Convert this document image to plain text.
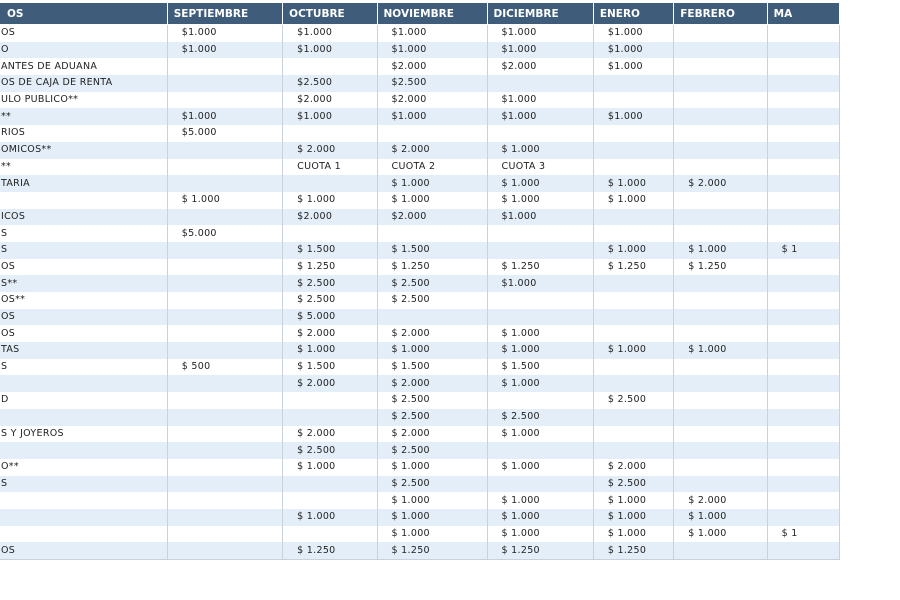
OS	SEPTIEMBRE	OCTUBRE	NOVIEMBRE	DICIEMBRE	ENERO	FEBRERO	MA
OS	$1.000	$1.000	$1.000	$1.000	$1.000		
O	$1.000	$1.000	$1.000	$1.000	$1.000		
ANTES DE ADUANA			$2.000	$2.000	$1.000		
OS DE CAJA DE RENTA		$2.500	$2.500				
ULO PUBLICO**		$2.000	$2.000	$1.000			
**	$1.000	$1.000	$1.000	$1.000	$1.000		
RIOS	$5.000						
OMICOS**		$ 2.000	$ 2.000	$ 1.000			
**		CUOTA 1	CUOTA 2	CUOTA 3			
TARIA			$ 1.000	$ 1.000	$ 1.000	$ 2.000	
	$ 1.000	$ 1.000	$ 1.000	$ 1.000	$ 1.000		
ICOS		$2.000	$2.000	$1.000			
S	$5.000						
S		$ 1.500	$ 1.500		$ 1.000	$ 1.000	$ 1
OS		$ 1.250	$ 1.250	$ 1.250	$ 1.250	$ 1.250	
S**		$ 2.500	$ 2.500	$1.000			
OS**		$ 2.500	$ 2.500				
OS		$ 5.000					
OS		$ 2.000	$ 2.000	$ 1.000			
TAS		$ 1.000	$ 1.000	$ 1.000	$ 1.000	$ 1.000	
S	$ 500	$ 1.500	$ 1.500	$ 1.500			
		$ 2.000	$ 2.000	$ 1.000			
D			$ 2.500		$ 2.500		
			$ 2.500	$ 2.500			
S Y JOYEROS		$ 2.000	$ 2.000	$ 1.000			
		$ 2.500	$ 2.500				
O**		$ 1.000	$ 1.000	$ 1.000	$ 2.000		
S			$ 2.500		$ 2.500		
			$ 1.000	$ 1.000	$ 1.000	$ 2.000	
		$ 1.000	$ 1.000	$ 1.000	$ 1.000	$ 1.000	
			$ 1.000	$ 1.000	$ 1.000	$ 1.000	$ 1
OS		$ 1.250	$ 1.250	$ 1.250	$ 1.250		
